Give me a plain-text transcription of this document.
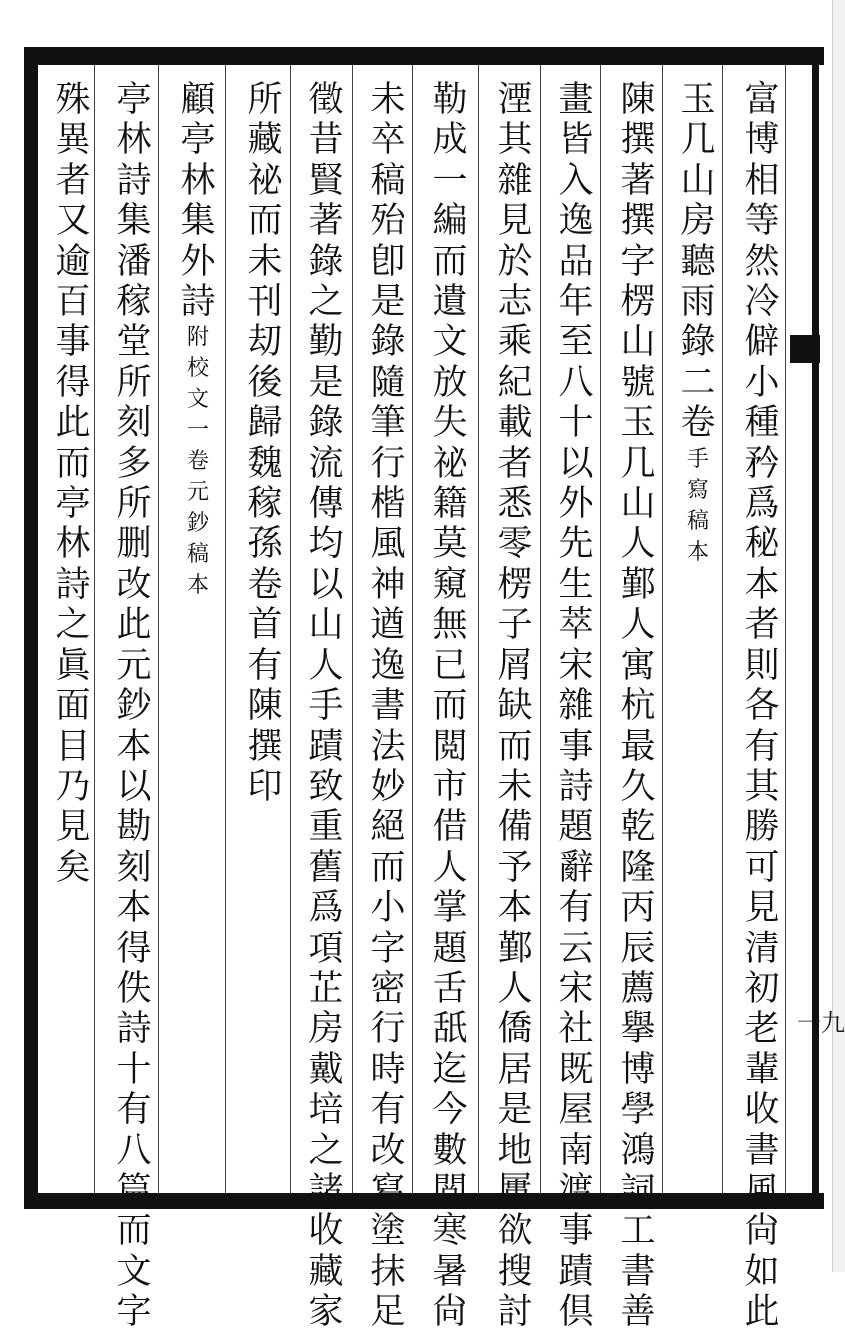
富
博
相
等
然
冷
僻
小
種
矜
爲
秘
本
者
則
各
有
其
勝
可
見
清
初
老
輩
收
書
風
尙
如
此
玉
几
山
房
聽
雨
錄
二
卷
手
寫
稿
本
陳
撰
著
撰
字
楞
山
號
玉
几
山
人
鄞
人
寓
杭
最
久
乾
隆
丙
辰
薦
擧
博
學
鴻
詞
工
書
善
畫
皆
入
逸
品
年
至
八
十
以
外
先
生
萃
宋
雜
事
詩
題
辭
有
云
宋
社
既
屋
南
渡
事
蹟
倶
湮
其
雜
見
於
志
乘
紀
載
者
悉
零
楞
子
屑
缺
而
未
備
予
本
鄞
人
僑
居
是
地
屢
欲
搜
討
勒
成
一
編
而
遺
文
放
失
祕
籍
莫
窺
無
已
而
閲
市
借
人
掌
題
舌
舐
迄
今
數
閲
寒
暑
尙
未
卒
稿
殆
卽
是
錄
隨
筆
行
楷
風
神
遒
逸
書
法
妙
絕
而
小
字
密
行
時
有
改
寫
塗
抹
足
徵
昔
賢
著
錄
之
勤
是
錄
流
傳
均
以
山
人
手
蹟
致
重
舊
爲
項
芷
房
戴
培
之
諸
收
藏
家
所
藏
祕
而
未
刊
刧
後
歸
魏
稼
孫
卷
首
有
陳
撰
印
顧
亭
林
集
外
詩
附
校
文
一
卷
元
鈔
稿
本
亭
林
詩
集
潘
稼
堂
所
刻
多
所
删
改
此
元
鈔
本
以
勘
刻
本
得
佚
詩
十
有
八
篇
而
文
字
殊
異
者
又
逾
百
事
得
此
而
亭
林
詩
之
眞
面
目
乃
見
矣
一九
